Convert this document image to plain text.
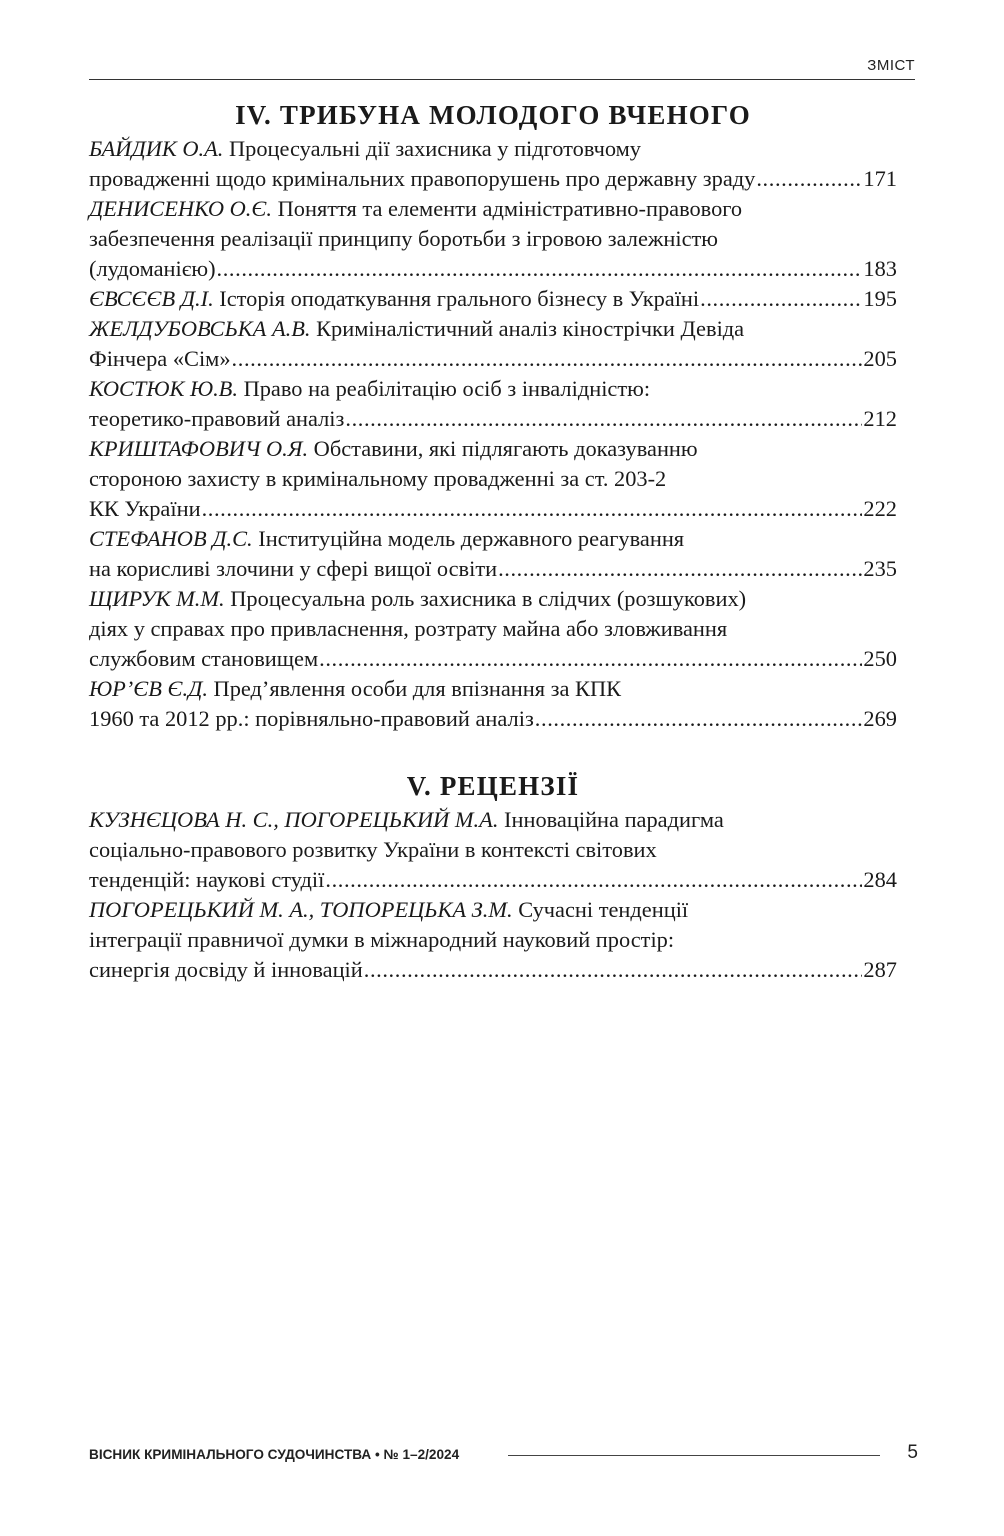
ЗМІСТ
IV. ТРИБУНА МОЛОДОГО ВЧЕНОГО
БАЙДИК О.А. Процесуальні дії захисника у підготовчому
провадженні щодо кримінальних правопорушень про державну зраду .....	171
ДЕНИСЕНКО О.Є. Поняття та елементи адміністративно-правового
забезпечення реалізації принципу боротьби з ігровою залежністю
(лудоманією) .....	183
ЄВСЄЄВ Д.І. Історія оподаткування грального бізнесу в Україні .....	195
ЖЕЛДУБОВСЬКА А.В. Криміналістичний аналіз кінострічки Девіда
Фінчера «Сім» .....	205
КОСТЮК Ю.В. Право на реабілітацію осіб з інвалідністю:
теоретико-правовий аналіз .....	212
КРИШТАФОВИЧ О.Я. Обставини, які підлягають доказуванню
стороною захисту в кримінальному провадженні за ст. 203-2
КК України .....	222
СТЕФАНОВ Д.С. Інституційна модель державного реагування
на корисливі злочини у сфері вищої освіти .....	235
ЩИРУК М.М. Процесуальна роль захисника в слідчих (розшукових)
діях у справах про привласнення, розтрату майна або зловживання
службовим становищем .....	250
ЮР’ЄВ Є.Д. Пред’явлення особи для впізнання за КПК
1960 та 2012 рр.: порівняльно-правовий аналіз .....	269
V. РЕЦЕНЗІЇ
КУЗНЄЦОВА Н. С., ПОГОРЕЦЬКИЙ М.А. Інноваційна парадигма
соціально-правового розвитку України в контексті світових
тенденцій: наукові студії .....	284
ПОГОРЕЦЬКИЙ М. А., ТОПОРЕЦЬКА З.М. Сучасні тенденції
інтеграції правничої думки в міжнародний науковий простір:
синергія досвіду й інновацій .....	287
ВІСНИК КРИМІНАЛЬНОГО СУДОЧИНСТВА • № 1–2/2024	5
